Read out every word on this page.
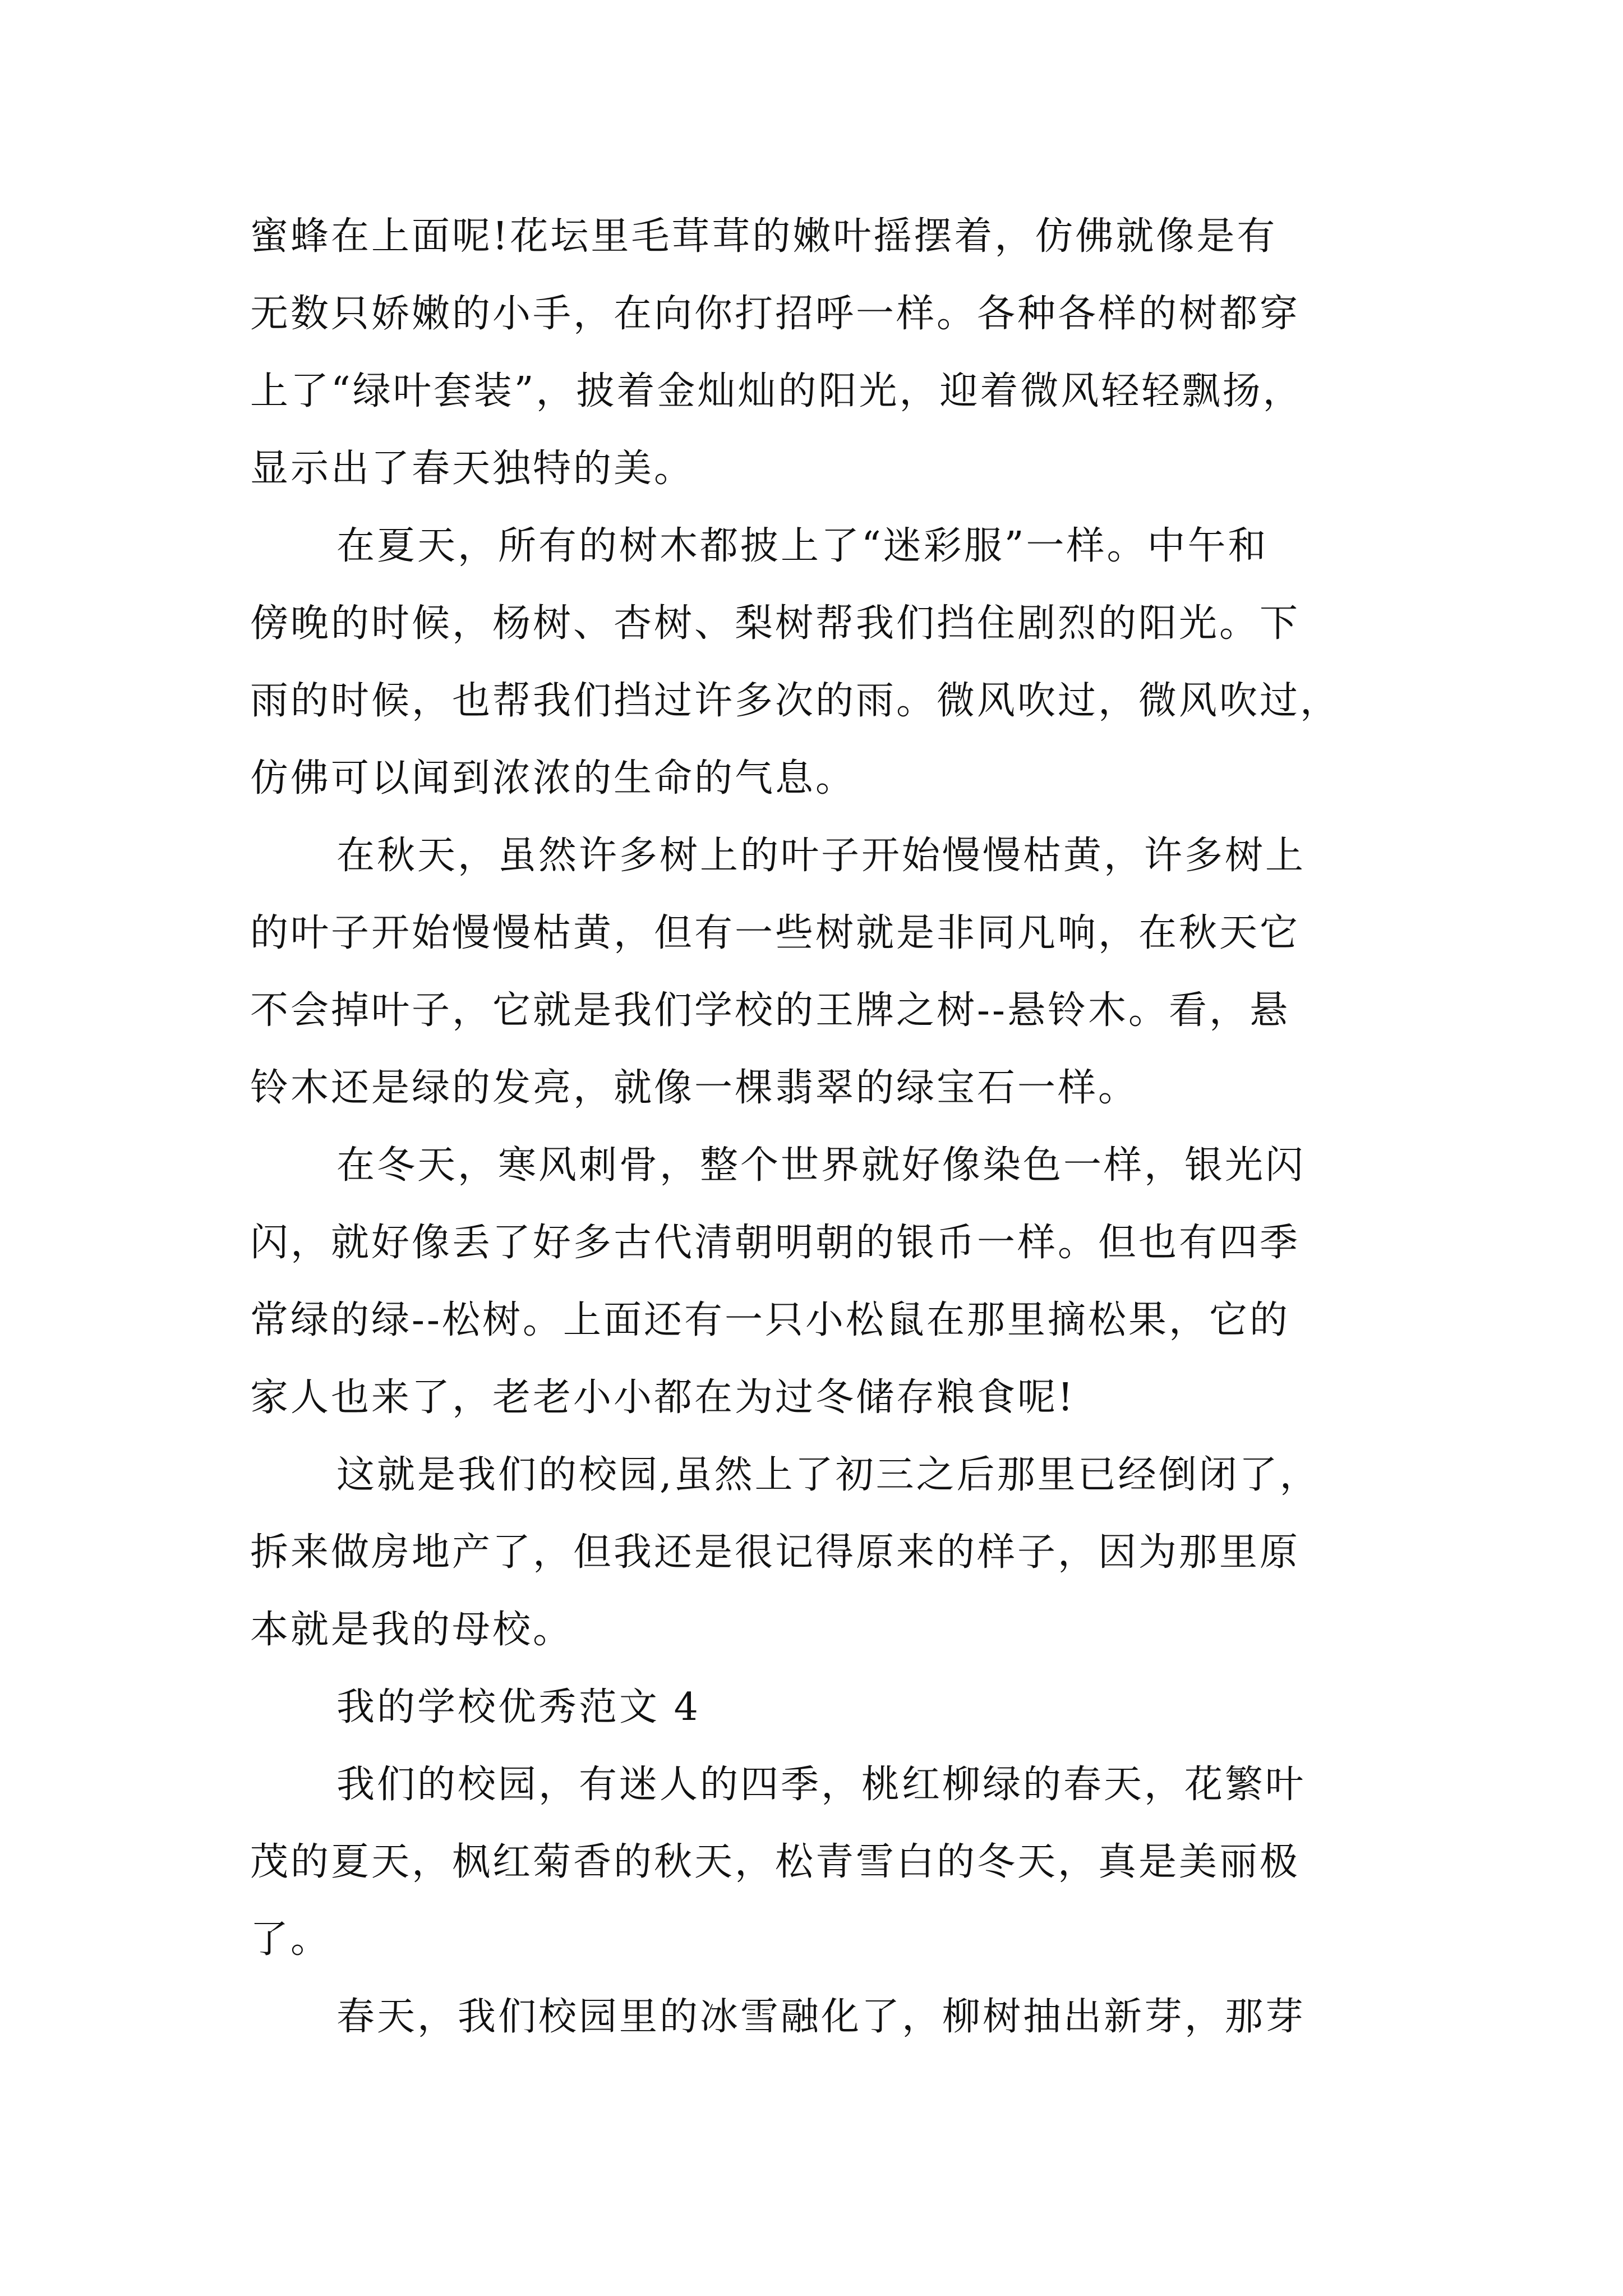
蜜蜂在上面呢!花坛里毛茸茸的嫩叶摇摆着，仿佛就像是有
无数只娇嫩的小手，在向你打招呼一样。各种各样的树都穿
上了“绿叶套装”，披着金灿灿的阳光，迎着微风轻轻飘扬，
显示出了春天独特的美。
在夏天，所有的树木都披上了“迷彩服”一样。中午和
傍晚的时候，杨树、杏树、梨树帮我们挡住剧烈的阳光。下
雨的时候，也帮我们挡过许多次的雨。微风吹过，微风吹过，
仿佛可以闻到浓浓的生命的气息。
在秋天，虽然许多树上的叶子开始慢慢枯黄，许多树上
的叶子开始慢慢枯黄，但有一些树就是非同凡响，在秋天它
不会掉叶子，它就是我们学校的王牌之树--悬铃木。看，悬
铃木还是绿的发亮，就像一棵翡翠的绿宝石一样。
在冬天，寒风刺骨，整个世界就好像染色一样，银光闪
闪，就好像丢了好多古代清朝明朝的银币一样。但也有四季
常绿的绿--松树。上面还有一只小松鼠在那里摘松果，它的
家人也来了，老老小小都在为过冬储存粮食呢!
这就是我们的校园,虽然上了初三之后那里已经倒闭了，
拆来做房地产了，但我还是很记得原来的样子，因为那里原
本就是我的母校。
我的学校优秀范文 4
我们的校园，有迷人的四季，桃红柳绿的春天，花繁叶
茂的夏天，枫红菊香的秋天，松青雪白的冬天，真是美丽极
了。
春天，我们校园里的冰雪融化了，柳树抽出新芽，那芽
